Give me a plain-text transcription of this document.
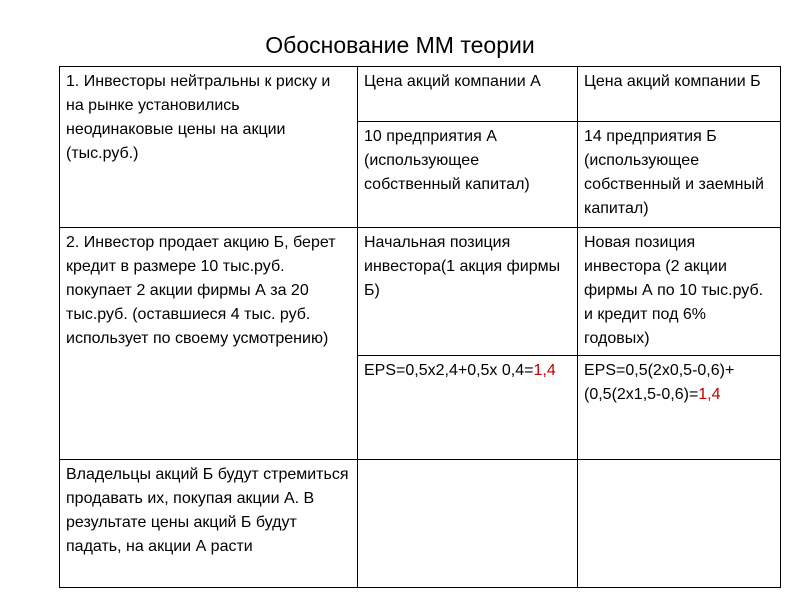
Обоснование ММ теории
1. Инвесторы нейтральны к риску и на рынке установились неодинаковые цены на акции (тыс.руб.)	Цена акций компании А	Цена акций компании Б
	10 предприятия А (использующее собственный капитал)	14 предприятия Б (использующее собственный и заемный капитал)
2. Инвестор продает акцию Б, берет кредит в размере 10 тыс.руб. покупает 2 акции фирмы А за 20 тыс.руб. (оставшиеся 4 тыс. руб. использует по своему усмотрению)	Начальная позиция инвестора(1 акция фирмы Б)	Новая позиция инвестора (2 акции фирмы А по 10 тыс.руб. и кредит под 6% годовых)
	EPS=0,5x2,4+0,5x 0,4=1,4	EPS=0,5(2x0,5-0,6)+(0,5(2x1,5-0,6)=1,4
Владельцы акций Б будут стремиться продавать их, покупая акции А. В результате цены акций Б будут падать, на акции А расти		
